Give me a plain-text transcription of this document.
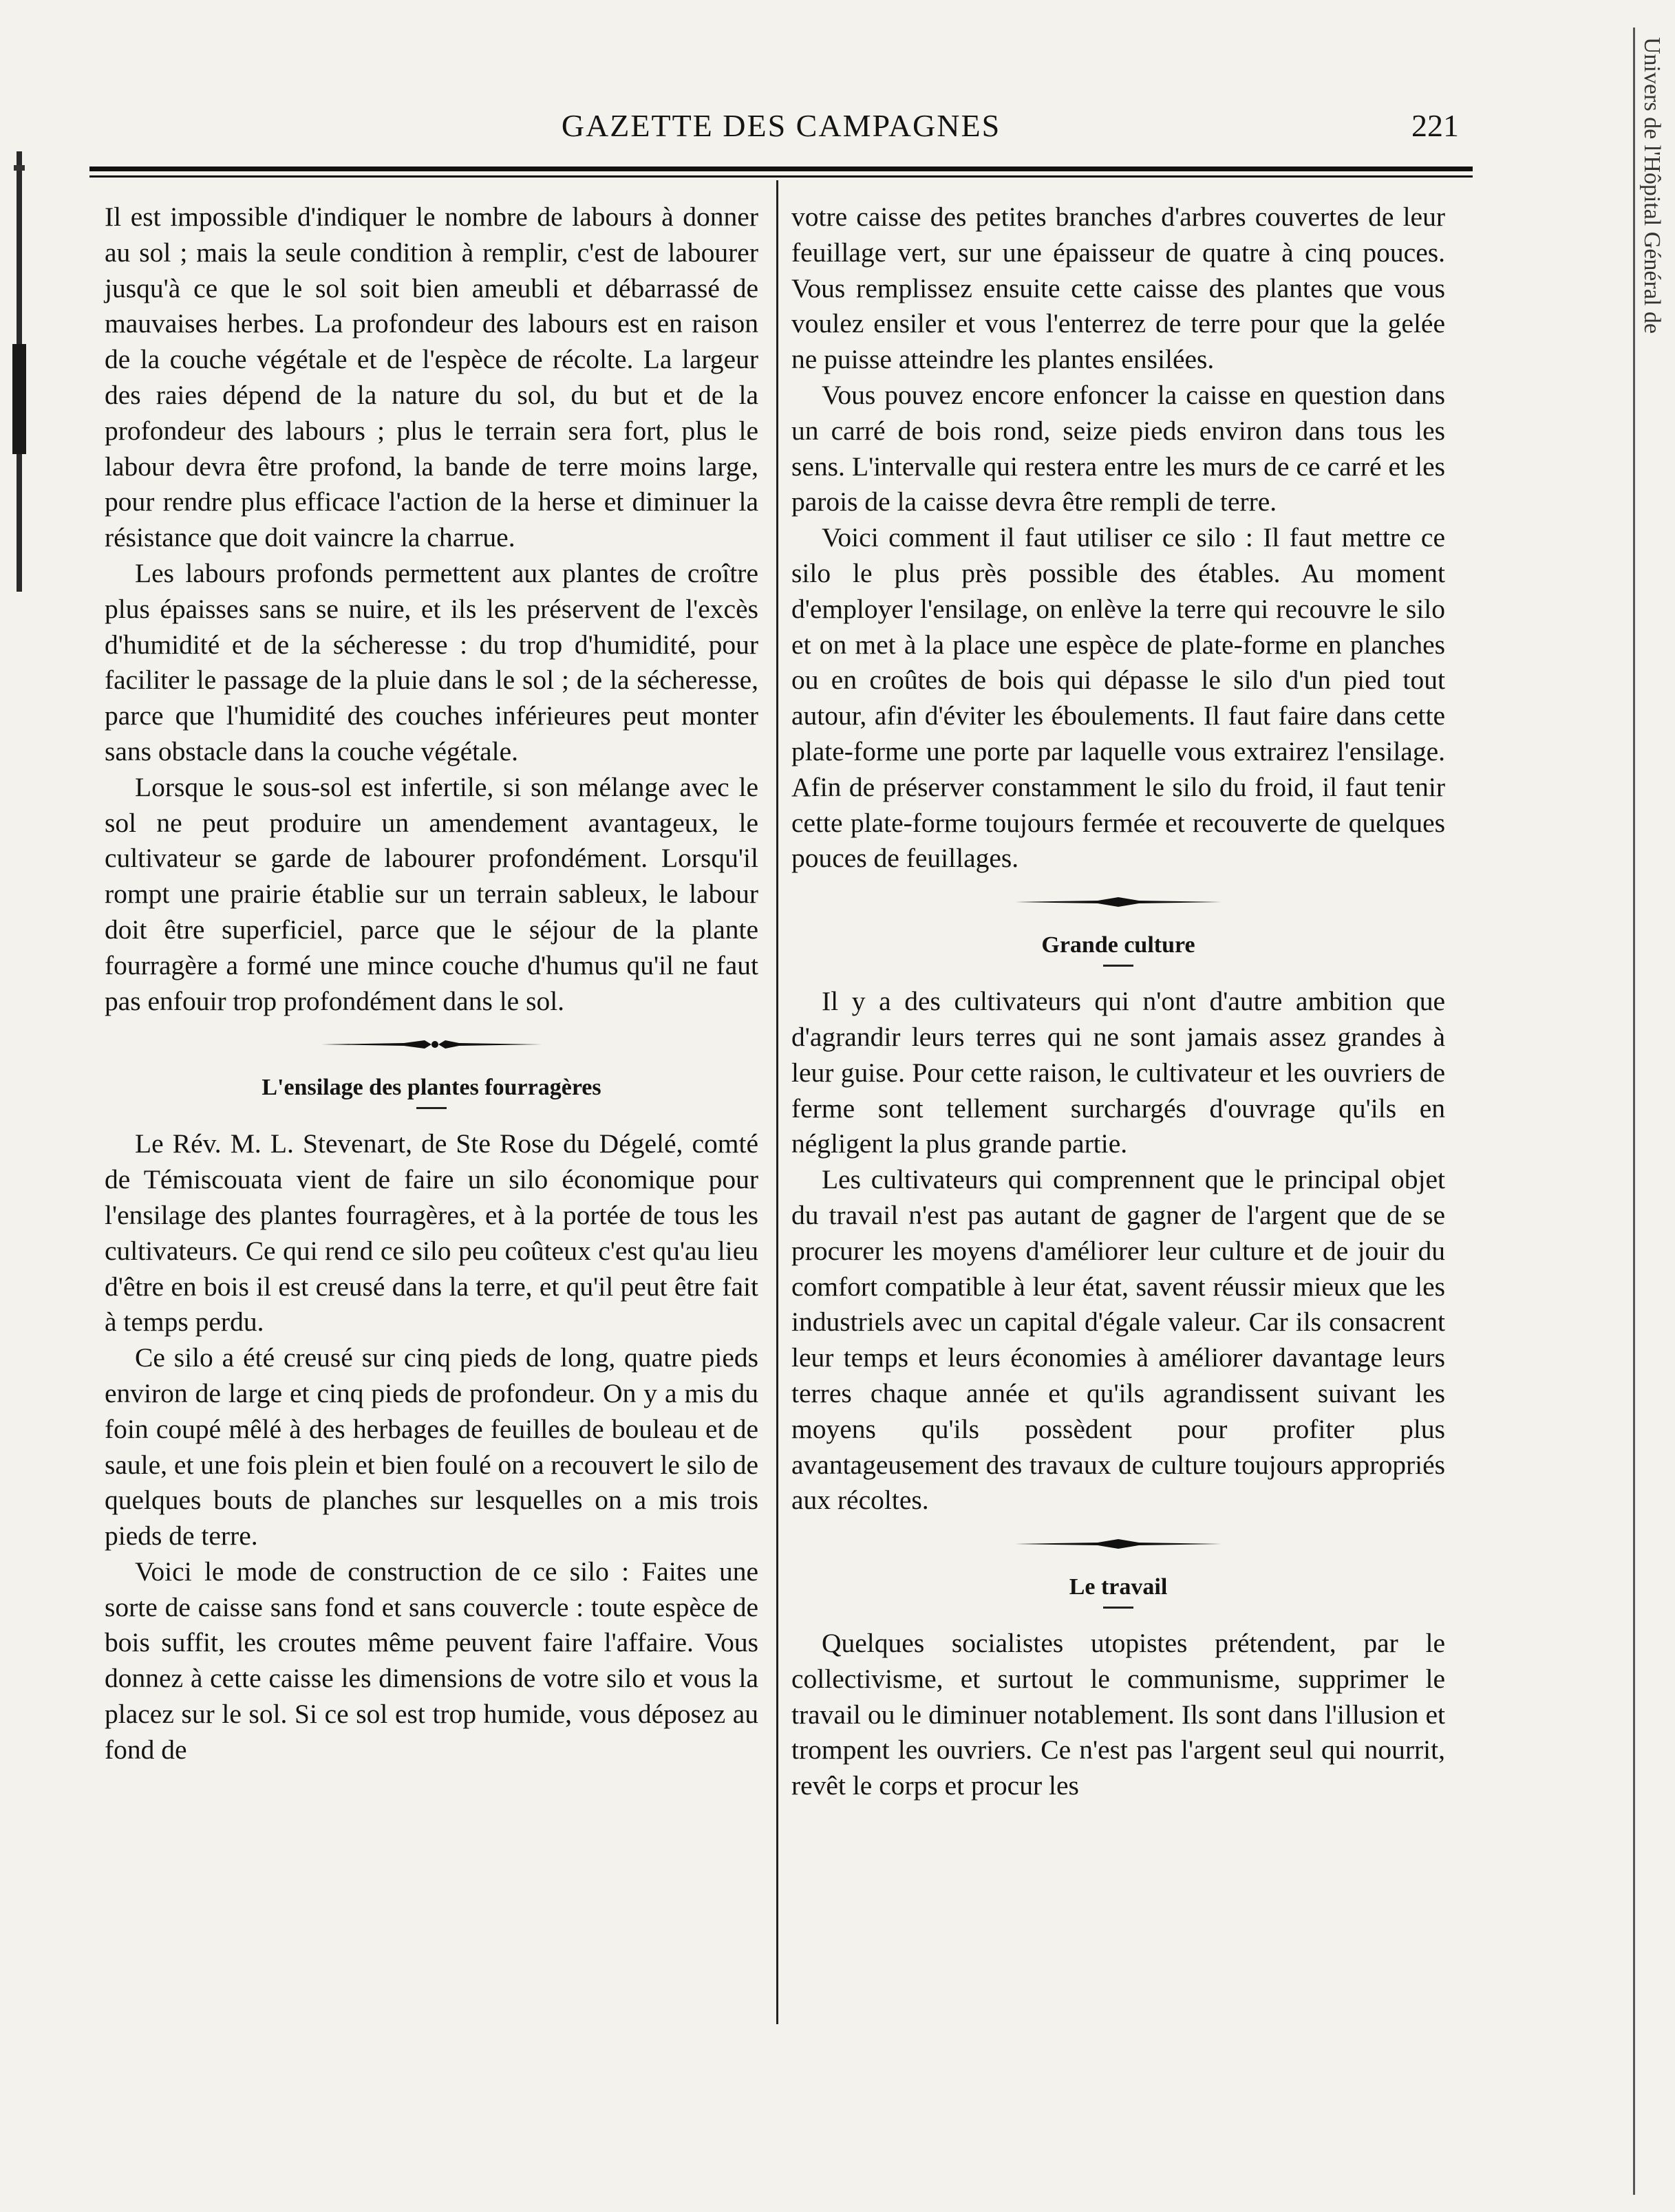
GAZETTE DES CAMPAGNES	221	Univers de l'Hôpital Général de

Il est impossible d'indiquer le nombre de labours à donner au sol ; mais la seule condition à remplir, c'est de labourer jusqu'à ce que le sol soit bien ameubli et débarrassé de mauvaises herbes. La profondeur des labours est en raison de la couche végétale et de l'espèce de récolte. La largeur des raies dépend de la nature du sol, du but et de la profondeur des labours ; plus le terrain sera fort, plus le labour devra être profond, la bande de terre moins large, pour rendre plus efficace l'action de la herse et diminuer la résistance que doit vaincre la charrue.

Les labours profonds permettent aux plantes de croître plus épaisses sans se nuire, et ils les préservent de l'excès d'humidité et de la sécheresse : du trop d'humidité, pour faciliter le passage de la pluie dans le sol ; de la sécheresse, parce que l'humidité des couches inférieures peut monter sans obstacle dans la couche végétale.

Lorsque le sous-sol est infertile, si son mélange avec le sol ne peut produire un amendement avantageux, le cultivateur se garde de labourer profondément. Lorsqu'il rompt une prairie établie sur un terrain sableux, le labour doit être superficiel, parce que le séjour de la plante fourragère a formé une mince couche d'humus qu'il ne faut pas enfouir trop profondément dans le sol.

L'ensilage des plantes fourragères

Le Rév. M. L. Stevenart, de Ste Rose du Dégelé, comté de Témiscouata vient de faire un silo économique pour l'ensilage des plantes fourragères, et à la portée de tous les cultivateurs. Ce qui rend ce silo peu coûteux c'est qu'au lieu d'être en bois il est creusé dans la terre, et qu'il peut être fait à temps perdu.

Ce silo a été creusé sur cinq pieds de long, quatre pieds environ de large et cinq pieds de profondeur. On y a mis du foin coupé mêlé à des herbages de feuilles de bouleau et de saule, et une fois plein et bien foulé on a recouvert le silo de quelques bouts de planches sur lesquelles on a mis trois pieds de terre.

Voici le mode de construction de ce silo : Faites une sorte de caisse sans fond et sans couvercle : toute espèce de bois suffit, les croutes même peuvent faire l'affaire. Vous donnez à cette caisse les dimensions de votre silo et vous la placez sur le sol. Si ce sol est trop humide, vous déposez au fond de

votre caisse des petites branches d'arbres couvertes de leur feuillage vert, sur une épaisseur de quatre à cinq pouces. Vous remplissez ensuite cette caisse des plantes que vous voulez ensiler et vous l'enterrez de terre pour que la gelée ne puisse atteindre les plantes ensilées.

Vous pouvez encore enfoncer la caisse en question dans un carré de bois rond, seize pieds environ dans tous les sens. L'intervalle qui restera entre les murs de ce carré et les parois de la caisse devra être rempli de terre.

Voici comment il faut utiliser ce silo : Il faut mettre ce silo le plus près possible des étables. Au moment d'employer l'ensilage, on enlève la terre qui recouvre le silo et on met à la place une espèce de plate-forme en planches ou en croûtes de bois qui dépasse le silo d'un pied tout autour, afin d'éviter les éboulements. Il faut faire dans cette plate-forme une porte par laquelle vous extrairez l'ensilage. Afin de préserver constamment le silo du froid, il faut tenir cette plate-forme toujours fermée et recouverte de quelques pouces de feuillages.

Grande culture

Il y a des cultivateurs qui n'ont d'autre ambition que d'agrandir leurs terres qui ne sont jamais assez grandes à leur guise. Pour cette raison, le cultivateur et les ouvriers de ferme sont tellement surchargés d'ouvrage qu'ils en négligent la plus grande partie.

Les cultivateurs qui comprennent que le principal objet du travail n'est pas autant de gagner de l'argent que de se procurer les moyens d'améliorer leur culture et de jouir du comfort compatible à leur état, savent réussir mieux que les industriels avec un capital d'égale valeur. Car ils consacrent leur temps et leurs économies à améliorer davantage leurs terres chaque année et qu'ils agrandissent suivant les moyens qu'ils possèdent pour profiter plus avantageusement des travaux de culture toujours appropriés aux récoltes.

Le travail

Quelques socialistes utopistes prétendent, par le collectivisme, et surtout le communisme, supprimer le travail ou le diminuer notablement. Ils sont dans l'illusion et trompent les ouvriers. Ce n'est pas l'argent seul qui nourrit, revêt le corps et procur les
